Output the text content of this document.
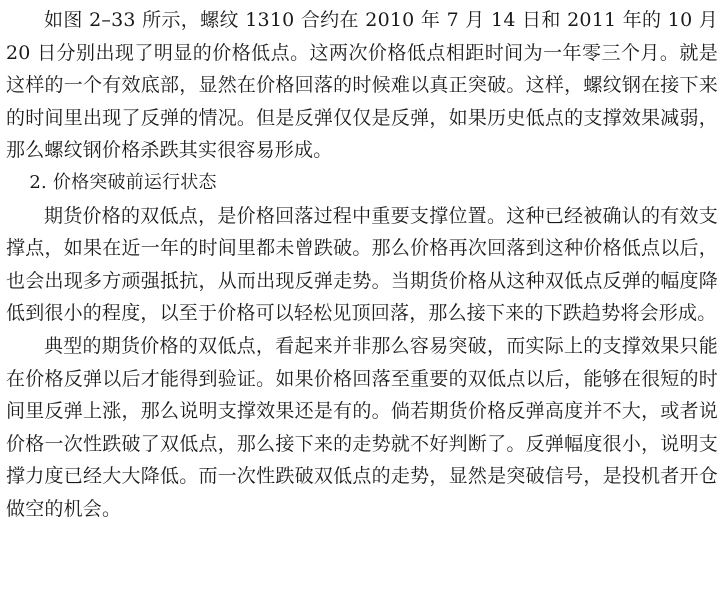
如图 2–33 所示，螺纹 1310 合约在 2010 年 7 月 14 日和 2011 年的 10 月 20 日分别出现了明显的价格低点。这两次价格低点相距时间为一年零三个月。就是这样的一个有效底部，显然在价格回落的时候难以真正突破。这样，螺纹钢在接下来的时间里出现了反弹的情况。但是反弹仅仅是反弹，如果历史低点的支撑效果减弱，那么螺纹钢价格杀跌其实很容易形成。

2. 价格突破前运行状态

期货价格的双低点，是价格回落过程中重要支撑位置。这种已经被确认的有效支撑点，如果在近一年的时间里都未曾跌破。那么价格再次回落到这种价格低点以后，也会出现多方顽强抵抗，从而出现反弹走势。当期货价格从这种双低点反弹的幅度降低到很小的程度，以至于价格可以轻松见顶回落，那么接下来的下跌趋势将会形成。

典型的期货价格的双低点，看起来并非那么容易突破，而实际上的支撑效果只能在价格反弹以后才能得到验证。如果价格回落至重要的双低点以后，能够在很短的时间里反弹上涨，那么说明支撑效果还是有的。倘若期货价格反弹高度并不大，或者说价格一次性跌破了双低点，那么接下来的走势就不好判断了。反弹幅度很小，说明支撑力度已经大大降低。而一次性跌破双低点的走势，显然是突破信号，是投机者开仓做空的机会。
